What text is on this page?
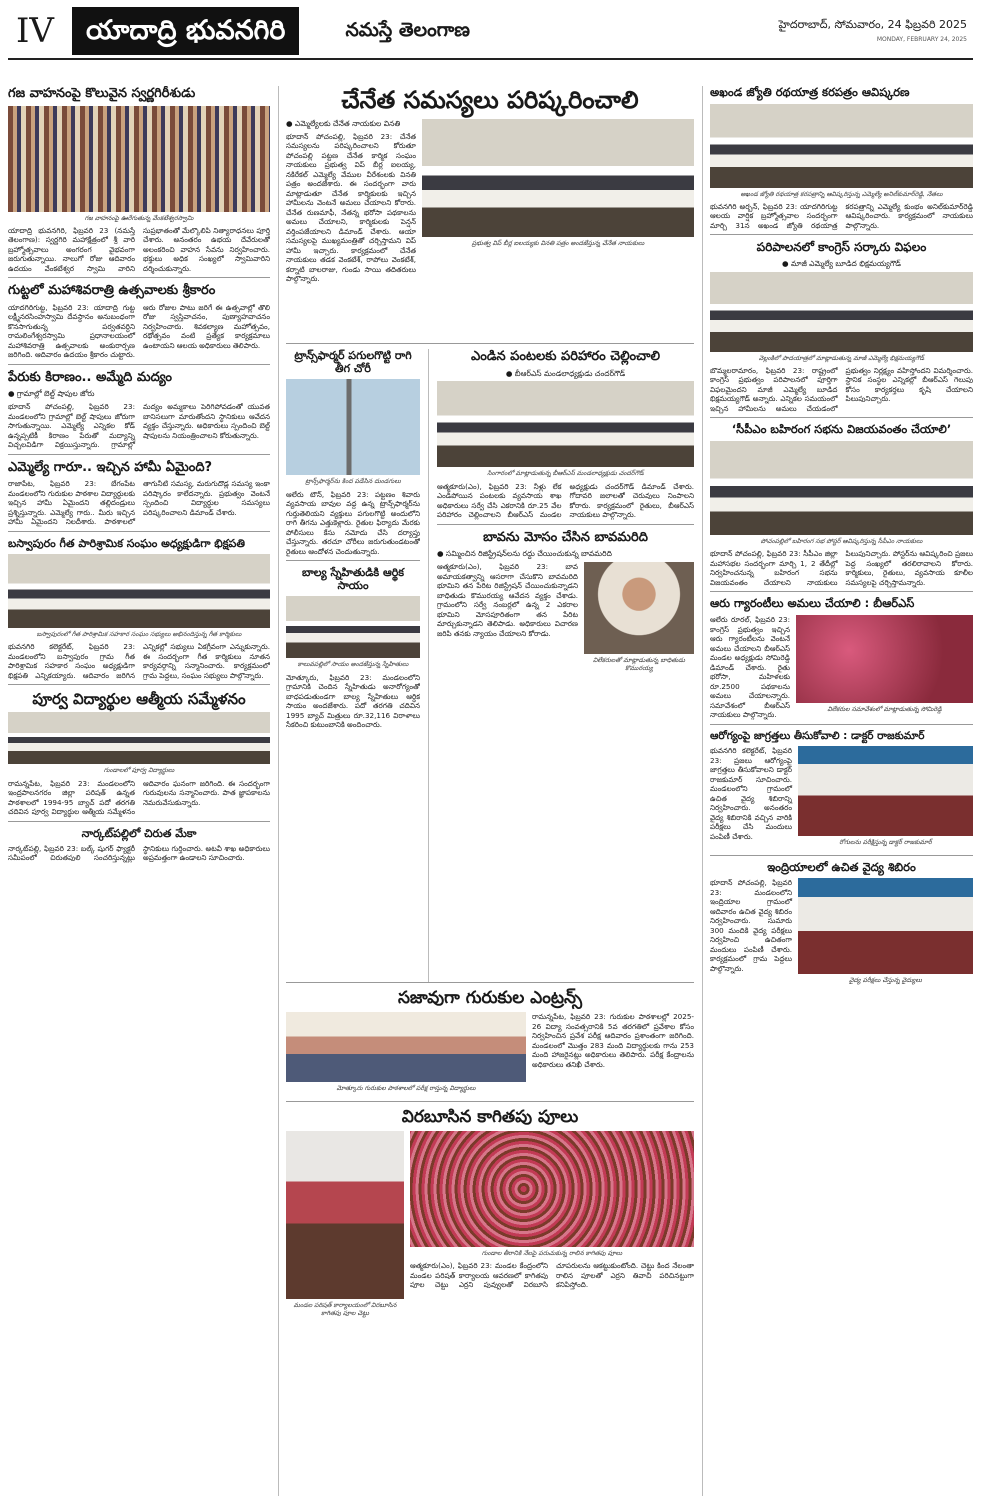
IV	యాదాద్రి భువనగిరి	నమస్తే తెలంగాణ	హైదరాబాద్, సోమవారం, 24 ఫిబ్రవరి 2025
MONDAY, FEBRUARY 24, 2025
గజ వాహనంపై కొలువైన స్వర్ణగిరీశుడు
గజ వాహనంపై ఊరేగుతున్న వేంకటేశ్వరస్వామి

యాదాద్రి భువనగిరి, ఫిబ్రవరి 23 (నమస్తే తెలంగాణ): స్వర్ణగిరి మహాక్షేత్రంలో శ్రీ వారి బ్రహ్మోత్సవాలు అంగరంగ వైభవంగా జరుగుతున్నాయి. నాలుగో రోజు ఆదివారం ఉదయం వేంకటేశ్వర స్వామి వారిని సుప్రభాతంతో మేల్కొలిపి నిత్యారాధనలు పూర్తి చేశారు. అనంతరం ఉభయ దేవేరులతో అలంకరించి వాహన సేవను నిర్వహించారు. భక్తులు అధిక సంఖ్యలో స్వామివారిని దర్శించుకున్నారు.

గుట్టలో మహాశివరాత్రి ఉత్సవాలకు శ్రీకారం

యాదగిరిగుట్ట, ఫిబ్రవరి 23: యాదాద్రి గుట్ట లక్ష్మీనరసింహస్వామి దేవస్థానం అనుబంధంగా కొనసాగుతున్న పర్వతవర్ధిని రామలింగేశ్వరస్వామి ప్రధానాలయంలో మహాశివరాత్రి ఉత్సవాలకు అంకురార్పణ జరిగింది. ఆదివారం ఉదయం శ్రీకారం చుట్టారు. ఆరు రోజుల పాటు జరిగే ఈ ఉత్సవాల్లో తొలి రోజు స్వస్తివాచనం, పుణ్యాహవాచనం నిర్వహించారు. శివకల్యాణ మహోత్సవం, రథోత్సవం వంటి ప్రత్యేక కార్యక్రమాలు ఉంటాయని ఆలయ అధికారులు తెలిపారు.

పేరుకు కిరాణం.. అమ్మేది మద్యం
● గ్రామాల్లో బెల్ట్ షాపుల జోరు

భూదాన్ పోచంపల్లి, ఫిబ్రవరి 23: మండలంలోని గ్రామాల్లో బెల్ట్ షాపులు జోరుగా సాగుతున్నాయి. ఎమ్మెల్యే ఎన్నికల కోడ్ ఉన్నప్పటికీ కిరాణం పేరుతో మద్యాన్ని విచ్చలవిడిగా విక్రయిస్తున్నారు. గ్రామాల్లో మద్యం అమ్మకాలు పెరిగిపోవడంతో యువత బానిసలుగా మారుతోందని స్థానికులు ఆవేదన వ్యక్తం చేస్తున్నారు. అధికారులు స్పందించి బెల్ట్ షాపులను నియంత్రించాలని కోరుతున్నారు.

ఎమ్మెల్యే గారూ.. ఇచ్చిన హామీ ఏమైంది?

రాజాపేట, ఫిబ్రవరి 23: బేగంపేట మండలంలోని గురుకుల పాఠశాల విద్యార్థులకు ఇచ్చిన హామీ ఏమైందని తల్లిదండ్రులు ప్రశ్నిస్తున్నారు. ఎమ్మెల్యే గారు.. మీరు ఇచ్చిన హామీ ఏమైందని నిలదీశారు. పాఠశాలలో తాగునీటి సమస్య, మరుగుదొడ్ల సమస్య ఇంకా పరిష్కారం కాలేదన్నారు. ప్రభుత్వం వెంటనే స్పందించి విద్యార్థుల సమస్యలు పరిష్కరించాలని డిమాండ్ చేశారు.

బస్వాపురం గీత పారిశ్రామిక సంఘం అధ్యక్షుడిగా భిక్షపతి
బస్వాపురంలో గీత పారిశ్రామిక సహకార సంఘం సభ్యులు అభినందిస్తున్న గీత కార్మికులు

భువనగిరి కలెక్టరేట్, ఫిబ్రవరి 23: మండలంలోని బస్వాపురం గ్రామ గీత పారిశ్రామిక సహకార సంఘం అధ్యక్షుడిగా భిక్షపతి ఎన్నికయ్యారు. ఆదివారం జరిగిన ఎన్నికల్లో సభ్యులు ఏకగ్రీవంగా ఎన్నుకున్నారు. ఈ సందర్భంగా గీత కార్మికులు నూతన కార్యవర్గాన్ని సన్మానించారు. కార్యక్రమంలో గ్రామ పెద్దలు, సంఘం సభ్యులు పాల్గొన్నారు.

పూర్వ విద్యార్థుల ఆత్మీయ సమ్మేళనం
గుండాలలో పూర్వ విద్యార్థులు

రామన్నపేట, ఫిబ్రవరి 23: మండలంలోని ఇంద్రపాలనగరం జిల్లా పరిషత్ ఉన్నత పాఠశాలలో 1994-95 బ్యాచ్ పదో తరగతి చదివిన పూర్వ విద్యార్థుల ఆత్మీయ సమ్మేళనం ఆదివారం ఘనంగా జరిగింది. ఈ సందర్భంగా గురువులను సన్మానించారు. పాత జ్ఞాపకాలను నెమరువేసుకున్నారు.

నార్కట్‌పల్లిలో చిరుత మేకా

నార్కట్‌పల్లి, ఫిబ్రవరి 23: బల్క్ షుగర్ ఫ్యాక్టరీ సమీపంలో చిరుతపులి సంచరిస్తున్నట్లు స్థానికులు గుర్తించారు. అటవీ శాఖ అధికారులు అప్రమత్తంగా ఉండాలని సూచించారు.

చేనేత సమస్యలు పరిష్కరించాలి
● ఎమ్మెల్యేలకు చేనేత నాయకుల వినతి

భూదాన్ పోచంపల్లి, ఫిబ్రవరి 23: చేనేత సమస్యలను పరిష్కరించాలని కోరుతూ పోచంపల్లి పట్టణ చేనేత కార్మిక సంఘం నాయకులు ప్రభుత్వ విప్ బీర్ల ఐలయ్య, నకిరేకల్ ఎమ్మెల్యే వేముల వీరేశంలకు వినతి పత్రం అందజేశారు. ఈ సందర్భంగా వారు మాట్లాడుతూ చేనేత కార్మికులకు ఇచ్చిన హామీలను వెంటనే అమలు చేయాలని కోరారు. చేనేత రుణమాఫీ, నేతన్న భరోసా పథకాలను అమలు చేయాలని, కార్మికులకు పెన్షన్ వర్తింపజేయాలని డిమాండ్ చేశారు. ఆయా సమస్యలపై ముఖ్యమంత్రితో చర్చిస్తామని విప్ హామీ ఇచ్చారు. కార్యక్రమంలో చేనేత నాయకులు తడక వెంకటేశ్, రాపోలు వెంకటేశ్, కర్నాటి బాలరాజు, గుండు సాయి తదితరులు పాల్గొన్నారు.

ప్రభుత్వ విప్ బీర్ల ఐలయ్యకు వినతి పత్రం అందజేస్తున్న చేనేత నాయకులు
ట్రాన్స్‌ఫార్మర్ పగులగొట్టి రాగి తీగ చోరీ
ట్రాన్స్‌ఫార్మర్‌ను కింద పడేసిన దుండగులు

ఆలేరు టౌన్, ఫిబ్రవరి 23: పట్టణం శివారు వ్యవసాయ బావుల వద్ద ఉన్న ట్రాన్స్‌ఫార్మర్‌ను గుర్తుతెలియని వ్యక్తులు పగులగొట్టి అందులోని రాగి తీగను ఎత్తుకెళ్లారు. రైతుల ఫిర్యాదు మేరకు పోలీసులు కేసు నమోదు చేసి దర్యాప్తు చేస్తున్నారు. తరచూ చోరీలు జరుగుతుండటంతో రైతులు ఆందోళన చెందుతున్నారు.

బాల్య స్నేహితుడికి ఆర్థిక సాయం
కాలువపల్లిలో సాయం అందజేస్తున్న స్నేహితులు

మోత్కూరు, ఫిబ్రవరి 23: మండలంలోని గ్రామానికి చెందిన స్నేహితుడు అనారోగ్యంతో బాధపడుతుండగా బాల్య స్నేహితులు ఆర్థిక సాయం అందజేశారు. పదో తరగతి చదివిన 1995 బ్యాచ్ మిత్రులు రూ.32,116 విరాళాలు సేకరించి కుటుంబానికి అందించారు.

ఎండిన పంటలకు పరిహారం చెల్లించాలి
● బీఆర్ఎస్ మండలాధ్యక్షుడు చందర్‌గౌడ్
సింగారంలో మాట్లాడుతున్న బీఆర్ఎస్ మండలాధ్యక్షుడు చందర్‌గౌడ్

ఆత్మకూరు(ఎం), ఫిబ్రవరి 23: నీళ్లు లేక ఎండిపోయిన పంటలకు వ్యవసాయ శాఖ అధికారులు సర్వే చేసి ఎకరానికి రూ.25 వేల పరిహారం చెల్లించాలని బీఆర్ఎస్ మండల అధ్యక్షుడు చందర్‌గౌడ్ డిమాండ్ చేశారు. గోదావరి జలాలతో చెరువులు నింపాలని కోరారు. కార్యక్రమంలో రైతులు, బీఆర్ఎస్ నాయకులు పాల్గొన్నారు.

బావను మోసం చేసిన బావమరిది
● సమ్మించిన రిజిస్ట్రేషన్‌లను రద్దు చేయించుకున్న బావమరిది

ఆత్మకూరు(ఎం), ఫిబ్రవరి 23: బావ అమాయకత్వాన్ని ఆసరాగా చేసుకొని బావమరిది భూమిని తన పేరిట రిజిస్ట్రేషన్ చేయించుకున్నాడని బాధితుడు కొమురయ్య ఆవేదన వ్యక్తం చేశాడు. గ్రామంలోని సర్వే నంబర్లలో ఉన్న 2 ఎకరాల భూమిని మోసపూరితంగా తన పేరిట మార్చుకున్నాడని తెలిపాడు. అధికారులు విచారణ జరిపి తనకు న్యాయం చేయాలని కోరాడు.

విలేకరులతో మాట్లాడుతున్న బాధితుడు కొమురయ్య
సజావుగా గురుకుల ఎంట్రన్స్
మోత్కూరు గురుకుల పాఠశాలలో పరీక్ష రాస్తున్న విద్యార్థులు

రామన్నపేట, ఫిబ్రవరి 23: గురుకుల పాఠశాలల్లో 2025-26 విద్యా సంవత్సరానికి 5వ తరగతిలో ప్రవేశాల కోసం నిర్వహించిన ప్రవేశ పరీక్ష ఆదివారం ప్రశాంతంగా జరిగింది. మండలంలో మొత్తం 283 మంది విద్యార్థులకు గాను 253 మంది హాజరైనట్లు అధికారులు తెలిపారు. పరీక్ష కేంద్రాలను అధికారులు తనిఖీ చేశారు.

విరబూసిన కాగితపు పూలు
మండల పరిషత్ కార్యాలయంలో విరబూసిన కాగితపు పూల చెట్టు
గుండాల తీరానికి నేలపై పరుచుకున్న రాలిన కాగితపు పూలు

ఆత్మకూరు(ఎం), ఫిబ్రవరి 23: మండల కేంద్రంలోని మండల పరిషత్ కార్యాలయ ఆవరణలో కాగితపు పూల చెట్టు ఎర్రని పువ్వులతో విరబూసి చూపరులను ఆకట్టుకుంటోంది. చెట్టు కింద నేలంతా రాలిన పూలతో ఎర్రని తివాచీ పరిచినట్టుగా కనిపిస్తోంది.

అఖండ జ్యోతి రథయాత్ర కరపత్రం ఆవిష్కరణ
అఖండ జ్యోతి రథయాత్ర కరపత్రాన్ని ఆవిష్కరిస్తున్న ఎమ్మెల్యే అనిల్‌కుమార్‌రెడ్డి, నేతలు

భువనగిరి అర్బన్, ఫిబ్రవరి 23: యాదగిరిగుట్ట ఆలయ వార్షిక బ్రహ్మోత్సవాల సందర్భంగా మార్చి 31న అఖండ జ్యోతి రథయాత్ర కరపత్రాన్ని ఎమ్మెల్యే కుంభం అనిల్‌కుమార్‌రెడ్డి ఆవిష్కరించారు. కార్యక్రమంలో నాయకులు పాల్గొన్నారు.

పరిపాలనలో కాంగ్రెస్ సర్కారు విఫలం
● మాజీ ఎమ్మెల్యే బూడిద భిక్షమయ్యగౌడ్
వెల్లంకిలో పాదయాత్రలో మాట్లాడుతున్న మాజీ ఎమ్మెల్యే భిక్షమయ్యగౌడ్

బొమ్మలరామారం, ఫిబ్రవరి 23: రాష్ట్రంలో కాంగ్రెస్ ప్రభుత్వం పరిపాలనలో పూర్తిగా విఫలమైందని మాజీ ఎమ్మెల్యే బూడిద భిక్షమయ్యగౌడ్ అన్నారు. ఎన్నికల సమయంలో ఇచ్చిన హామీలను అమలు చేయడంలో ప్రభుత్వం నిర్లక్ష్యం వహిస్తోందని విమర్శించారు. స్థానిక సంస్థల ఎన్నికల్లో బీఆర్ఎస్ గెలుపు కోసం కార్యకర్తలు కృషి చేయాలని పిలుపునిచ్చారు.

‘సీపీఎం బహిరంగ సభను విజయవంతం చేయాలి’
పోచంపల్లిలో బహిరంగ సభ పోస్టర్ ఆవిష్కరిస్తున్న సీపీఎం నాయకులు

భూదాన్ పోచంపల్లి, ఫిబ్రవరి 23: సీపీఎం జిల్లా మహాసభల సందర్భంగా మార్చి 1, 2 తేదీల్లో నిర్వహించనున్న బహిరంగ సభను విజయవంతం చేయాలని నాయకులు పిలుపునిచ్చారు. పోస్టర్‌ను ఆవిష్కరించి ప్రజలు పెద్ద సంఖ్యలో తరలిరావాలని కోరారు. కార్మికులు, రైతులు, వ్యవసాయ కూలీల సమస్యలపై చర్చిస్తామన్నారు.

ఆరు గ్యారంటీలు అమలు చేయాలి : బీఆర్ఎస్

ఆలేరు రూరల్, ఫిబ్రవరి 23: కాంగ్రెస్ ప్రభుత్వం ఇచ్చిన ఆరు గ్యారంటీలను వెంటనే అమలు చేయాలని బీఆర్ఎస్ మండల అధ్యక్షుడు సోమిరెడ్డి డిమాండ్ చేశారు. రైతు భరోసా, మహిళలకు రూ.2500 పథకాలను అమలు చేయాలన్నారు. సమావేశంలో బీఆర్ఎస్ నాయకులు పాల్గొన్నారు.

విలేకరుల సమావేశంలో మాట్లాడుతున్న సోమిరెడ్డి
ఆరోగ్యంపై జాగ్రత్తలు తీసుకోవాలి : డాక్టర్ రాజకుమార్

భువనగిరి కలెక్టరేట్, ఫిబ్రవరి 23: ప్రజలు ఆరోగ్యంపై జాగ్రత్తలు తీసుకోవాలని డాక్టర్ రాజకుమార్ సూచించారు. మండలంలోని గ్రామంలో ఉచిత వైద్య శిబిరాన్ని నిర్వహించారు. అనంతరం వైద్య శిబిరానికి వచ్చిన వారికి పరీక్షలు చేసి మందులు పంపిణీ చేశారు.

రోగులను పరీక్షిస్తున్న డాక్టర్ రాజకుమార్
ఇంద్రియాలలో ఉచిత వైద్య శిబిరం

భూదాన్ పోచంపల్లి, ఫిబ్రవరి 23: మండలంలోని ఇంద్రియాల గ్రామంలో ఆదివారం ఉచిత వైద్య శిబిరం నిర్వహించారు. సుమారు 300 మందికి వైద్య పరీక్షలు నిర్వహించి ఉచితంగా మందులు పంపిణీ చేశారు. కార్యక్రమంలో గ్రామ పెద్దలు పాల్గొన్నారు.

వైద్య పరీక్షలు చేస్తున్న వైద్యులు
